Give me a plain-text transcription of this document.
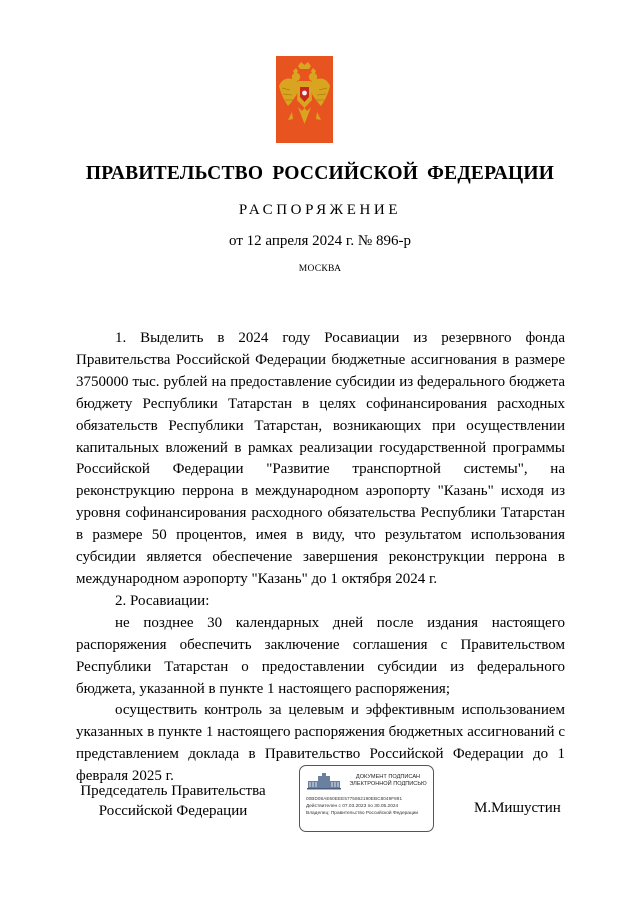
ПРАВИТЕЛЬСТВО РОССИЙСКОЙ ФЕДЕРАЦИИ
РАСПОРЯЖЕНИЕ
от 12 апреля 2024 г. № 896-р
МОСКВА

1. Выделить в 2024 году Росавиации из резервного фонда Правительства Российской Федерации бюджетные ассигнования в размере 3750000 тыс. рублей на предоставление субсидии из федерального бюджета бюджету Республики Татарстан в целях софинансирования расходных обязательств Республики Татарстан, возникающих при осуществлении капитальных вложений в рамках реализации государственной программы Российской Федерации "Развитие транспортной системы", на реконструкцию перрона в международном аэропорту "Казань" исходя из уровня софинансирования расходного обязательства Республики Татарстан в размере 50 процентов, имея в виду, что результатом использования субсидии является обеспечение завершения реконструкции перрона в международном аэропорту "Казань" до 1 октября 2024 г.

2. Росавиации:

не позднее 30 календарных дней после издания настоящего распоряжения обеспечить заключение соглашения с Правительством Республики Татарстан о предоставлении субсидии из федерального бюджета, указанной в пункте 1 настоящего распоряжения;

осуществить контроль за целевым и эффективным использованием указанных в пункте 1 настоящего распоряжения бюджетных ассигнований с представлением доклада в Правительство Российской Федерации до 1 февраля 2025 г.

Председатель Правительства
Российской Федерации
ДОКУМЕНТ ПОДПИСАН
ЭЛЕКТРОННОЙ ПОДПИСЬЮ
00BD08AE60EEE5775862190EBC8049F891
Действителен с 07.03.2023 по 30.05.2024
Владелец: Правительство Российской Федерации	М.Мишустин
